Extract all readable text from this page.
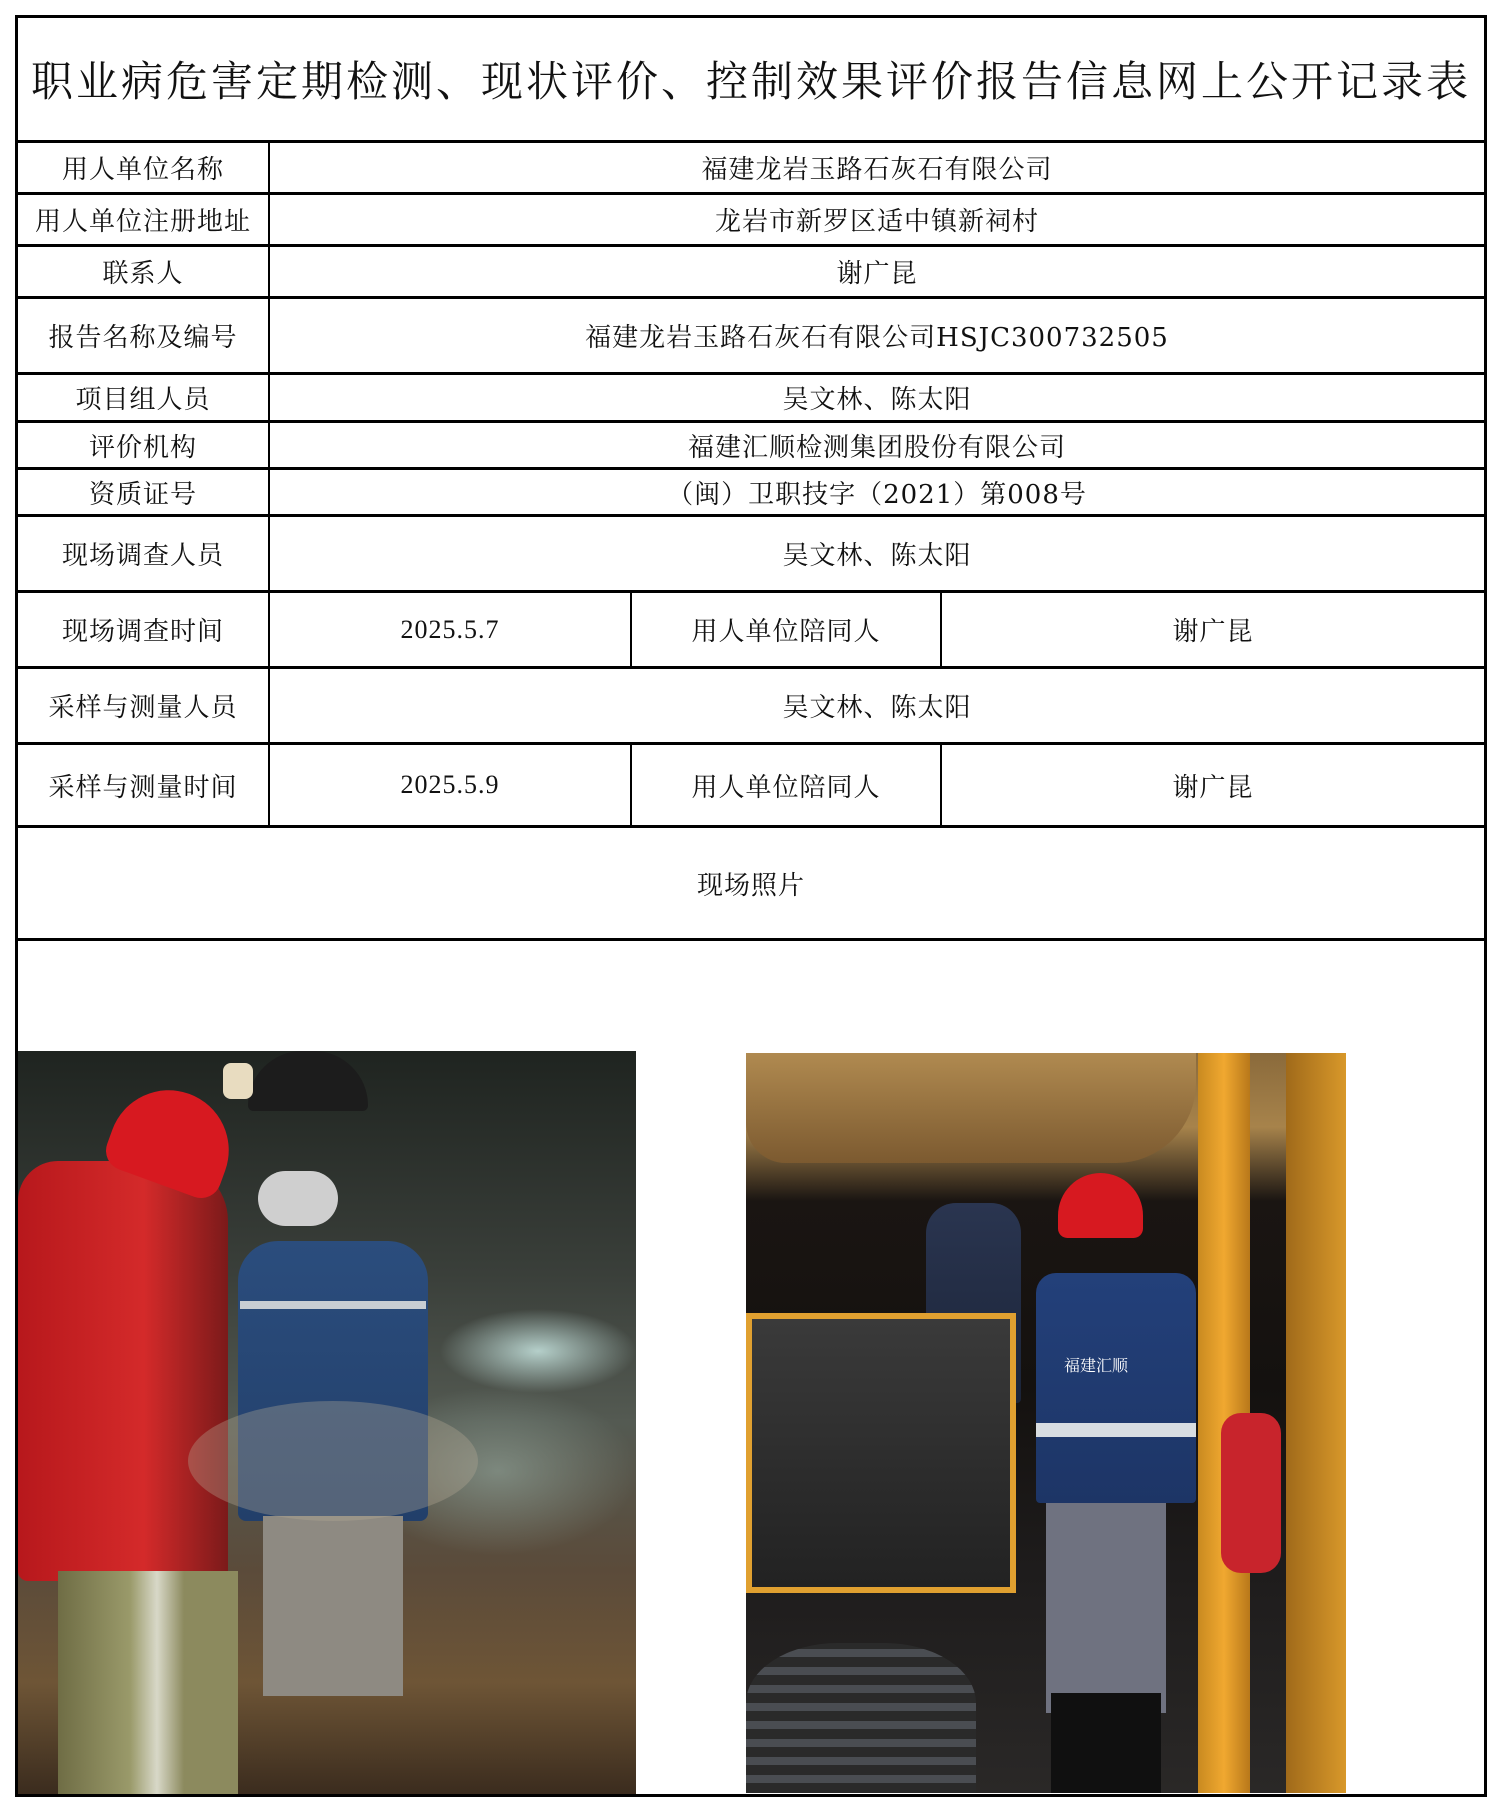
职业病危害定期检测、现状评价、控制效果评价报告信息网上公开记录表
用人单位名称	福建龙岩玉路石灰石有限公司
用人单位注册地址	龙岩市新罗区适中镇新祠村
联系人	谢广昆
报告名称及编号	福建龙岩玉路石灰石有限公司HSJC300732505
项目组人员	吴文林、陈太阳
评价机构	福建汇顺检测集团股份有限公司
资质证号	（闽）卫职技字（2021）第008号
现场调查人员	吴文林、陈太阳
现场调查时间	2025.5.7	用人单位陪同人	谢广昆
采样与测量人员	吴文林、陈太阳
采样与测量时间	2025.5.9	用人单位陪同人	谢广昆
现场照片
福建汇顺
